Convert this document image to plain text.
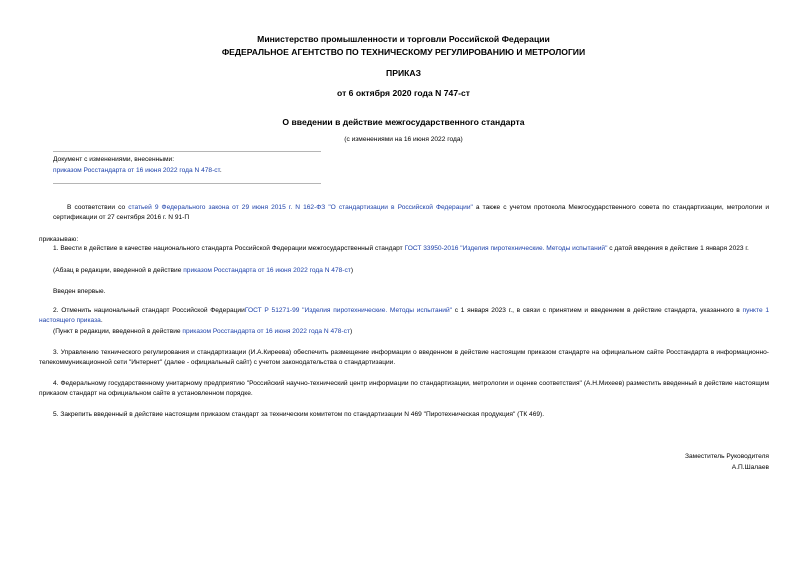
Министерство промышленности и торговли Российской Федерации
ФЕДЕРАЛЬНОЕ АГЕНТСТВО ПО ТЕХНИЧЕСКОМУ РЕГУЛИРОВАНИЮ И МЕТРОЛОГИИ
ПРИКАЗ
от 6 октября 2020 года N 747-ст
О введении в действие межгосударственного стандарта
(с изменениями на 16 июня 2022 года)
Документ с изменениями, внесенными:
приказом Росстандарта от 16 июня 2022 года N 478-ст.
В соответствии со статьей 9 Федерального закона от 29 июня 2015 г. N 162-ФЗ "О стандартизации в Российской Федерации" а также с учетом протокола Межгосударственного совета по стандартизации, метрологии и сертификации от 27 сентября 2016 г. N 91-П
приказываю:
1. Ввести в действие в качестве национального стандарта Российской Федерации межгосударственный стандарт ГОСТ 33950-2016 "Изделия пиротехнические. Методы испытаний" с датой введения в действие 1 января 2023 г.
(Абзац в редакции, введенной в действие приказом Росстандарта от 16 июня 2022 года N 478-ст)
Введен впервые.
2. Отменить национальный стандарт Российской ФедерацииГОСТ Р 51271-99 "Изделия пиротехнические. Методы испытаний" с 1 января 2023 г., в связи с принятием и введением в действие стандарта, указанного в пункте 1 настоящего приказа.
(Пункт в редакции, введенной в действие приказом Росстандарта от 16 июня 2022 года N 478-ст)
3. Управлению технического регулирования и стандартизации (И.А.Киреева) обеспечить размещение информации о введенном в действие настоящим приказом стандарте на официальном сайте Росстандарта в информационно-телекоммуникационной сети "Интернет" (далее - официальный сайт) с учетом законодательства о стандартизации.
4. Федеральному государственному унитарному предприятию "Российский научно-технический центр информации по стандартизации, метрологии и оценке соответствия" (А.Н.Михеев) разместить введенный в действие настоящим приказом стандарт на официальном сайте в установленном порядке.
5. Закрепить введенный в действие настоящим приказом стандарт за техническим комитетом по стандартизации N 469 "Пиротехническая продукция" (ТК 469).
Заместитель Руководителя
А.П.Шалаев
